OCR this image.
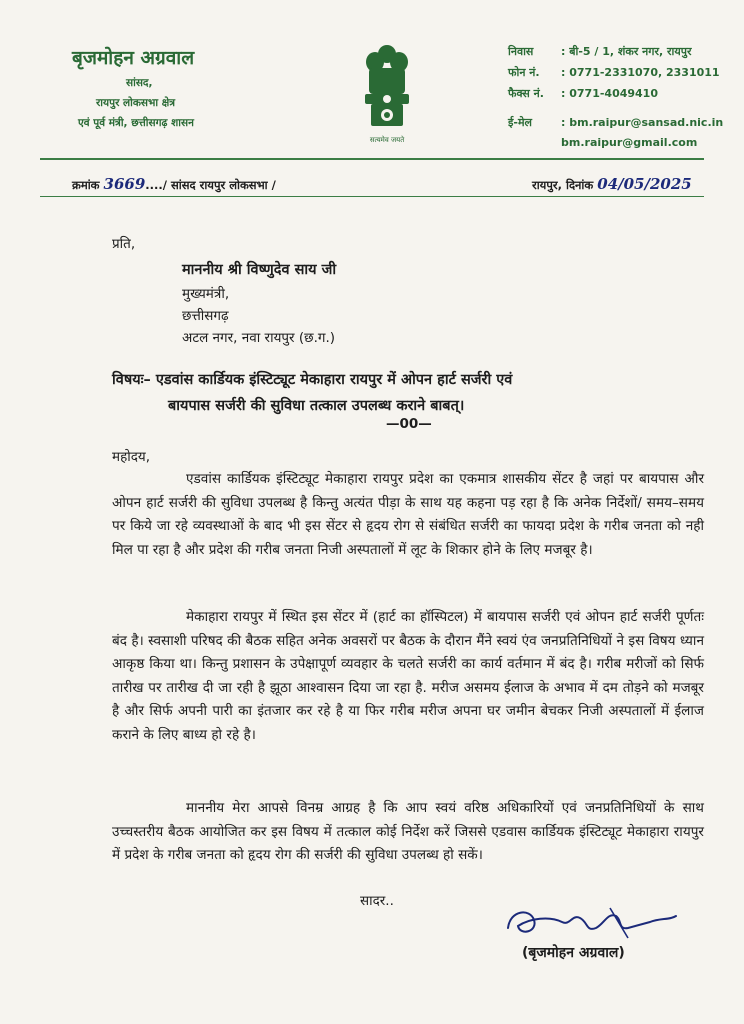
बृजमोहन अग्रवाल
सांसद,
रायपुर लोकसभा क्षेत्र
एवं पूर्व मंत्री, छत्तीसगढ़ शासन
सत्यमेव जयते
निवास	: बी-5 / 1, शंकर नगर, रायपुर
फोन नं. : 0771-2331070, 2331011
फैक्स नं. : 0771-4049410
ई-मेल	: bm.raipur@sansad.nic.in
bm.raipur@gmail.com
क्रमांक 3669..../ सांसद रायपुर लोकसभा /	रायपुर, दिनांक 04/05/2025
प्रति,
माननीय श्री विष्णुदेव साय जी
मुख्यमंत्री,
छत्तीसगढ़
अटल नगर, नवा रायपुर (छ.ग.)
विषयः– एडवांस कार्डियक इंस्टिट्यूट मेकाहारा रायपुर में ओपन हार्ट सर्जरी एवं
बायपास सर्जरी की सुविधा तत्काल उपलब्ध कराने बाबत्।
—00—
महोदय,
एडवांस कार्डियक इंस्टिट्यूट मेकाहारा रायपुर प्रदेश का एकमात्र शासकीय सेंटर है जहां पर बायपास और ओपन हार्ट सर्जरी की सुविधा उपलब्ध है किन्तु अत्यंत पीड़ा के साथ यह कहना पड़ रहा है कि अनेक निर्देशों/ समय–समय पर किये जा रहे व्यवस्थाओं के बाद भी इस सेंटर से हृदय रोग से संबंधित सर्जरी का फायदा प्रदेश के गरीब जनता को नही मिल पा रहा है और प्रदेश की गरीब जनता निजी अस्पतालों में लूट के शिकार होने के लिए मजबूर है।
मेकाहारा रायपुर में स्थित इस सेंटर में (हार्ट का हॉस्पिटल) में बायपास सर्जरी एवं ओपन हार्ट सर्जरी पूर्णतः बंद है। स्वसाशी परिषद की बैठक सहित अनेक अवसरों पर बैठक के दौरान मैंने स्वयं एंव जनप्रतिनिधियों ने इस विषय ध्यान आकृष्ठ किया था। किन्तु प्रशासन के उपेक्षापूर्ण व्यवहार के चलते सर्जरी का कार्य वर्तमान में बंद है। गरीब मरीजों को सिर्फ तारीख पर तारीख दी जा रही है झूठा आश्वासन दिया जा रहा है. मरीज असमय ईलाज के अभाव में दम तोड़ने को मजबूर है और सिर्फ अपनी पारी का इंतजार कर रहे है या फिर गरीब मरीज अपना घर जमीन बेचकर निजी अस्पतालों में ईलाज कराने के लिए बाध्य हो रहे है।
माननीय मेरा आपसे विनम्र आग्रह है कि आप स्वयं वरिष्ठ अधिकारियों एवं जनप्रतिनिधियों के साथ उच्चस्तरीय बैठक आयोजित कर इस विषय में तत्काल कोई निर्देश करें जिससे एडवास कार्डियक इंस्टिट्यूट मेकाहारा रायपुर में प्रदेश के गरीब जनता को हृदय रोग की सर्जरी की सुविधा उपलब्ध हो सकें।
सादर..
(बृजमोहन अग्रवाल)
